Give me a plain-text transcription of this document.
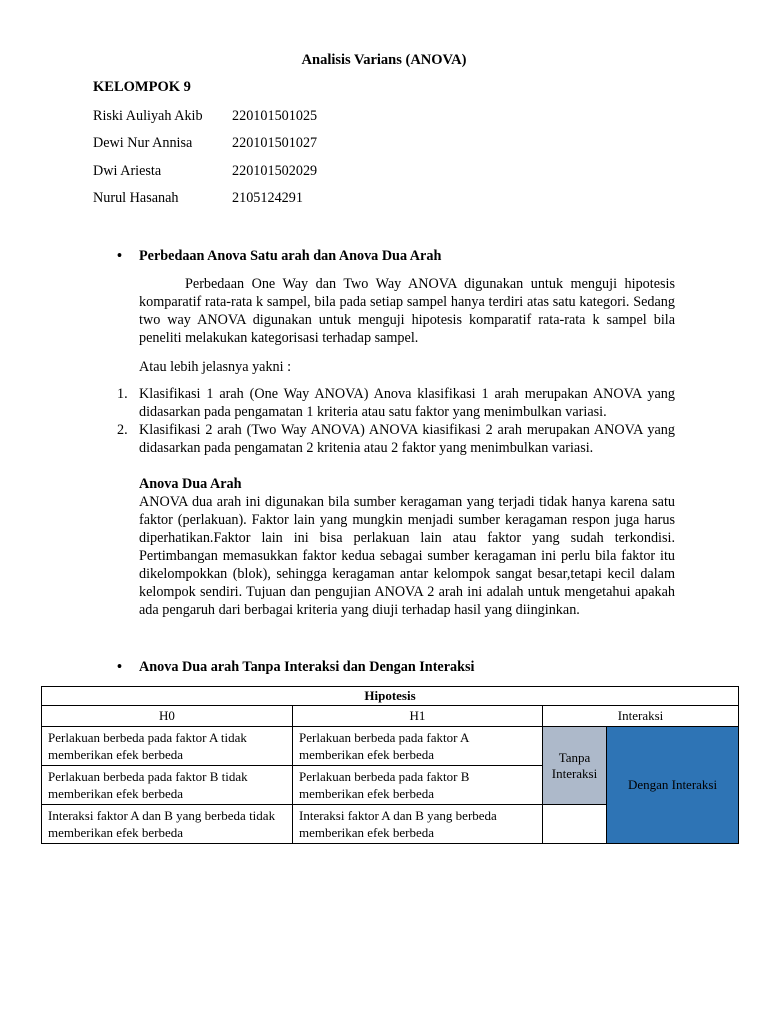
Analisis Varians (ANOVA)
KELOMPOK 9
Riski Auliyah Akib 220101501025
Dewi Nur Annisa	220101501027
Dwi Ariesta	220101502029
Nurul Hasanah	2105124291
• Perbedaan Anova Satu arah dan Anova Dua Arah
Perbedaan One Way dan Two Way ANOVA digunakan untuk menguji hipotesis komparatif rata-rata k sampel, bila pada setiap sampel hanya terdiri atas satu kategori. Sedang two way ANOVA digunakan untuk menguji hipotesis komparatif rata-rata k sampel bila peneliti melakukan kategorisasi terhadap sampel.
Atau lebih jelasnya yakni :
1. Klasifikasi 1 arah (One Way ANOVA) Anova klasifikasi 1 arah merupakan ANOVA yang didasarkan pada pengamatan 1 kriteria atau satu faktor yang menimbulkan variasi.
2. Klasifikasi 2 arah (Two Way ANOVA) ANOVA kiasifikasi 2 arah merupakan ANOVA yang didasarkan pada pengamatan 2 kritenia atau 2 faktor yang menimbulkan variasi.
Anova Dua Arah
ANOVA dua arah ini digunakan bila sumber keragaman yang terjadi tidak hanya karena satu faktor (perlakuan). Faktor lain yang mungkin menjadi sumber keragaman respon juga harus diperhatikan.Faktor lain ini bisa perlakuan lain atau faktor yang sudah terkondisi. Pertimbangan memasukkan faktor kedua sebagai sumber keragaman ini perlu bila faktor itu dikelompokkan (blok), sehingga keragaman antar kelompok sangat besar,tetapi kecil dalam kelompok sendiri. Tujuan dan pengujian ANOVA 2 arah ini adalah untuk mengetahui apakah ada pengaruh dari berbagai kriteria yang diuji terhadap hasil yang diinginkan.
• Anova Dua arah Tanpa Interaksi dan Dengan Interaksi
Hipotesis			
H0	H1	Interaksi	
Perlakuan berbeda pada faktor A tidak memberikan efek berbeda	Perlakuan berbeda pada faktor A memberikan efek berbeda	Tanpa Interaksi	Dengan Interaksi
Perlakuan berbeda pada faktor B tidak memberikan efek berbeda	Perlakuan berbeda pada faktor B memberikan efek berbeda		
Interaksi faktor A dan B yang berbeda tidak memberikan efek berbeda	Interaksi faktor A dan B yang berbeda memberikan efek berbeda		
